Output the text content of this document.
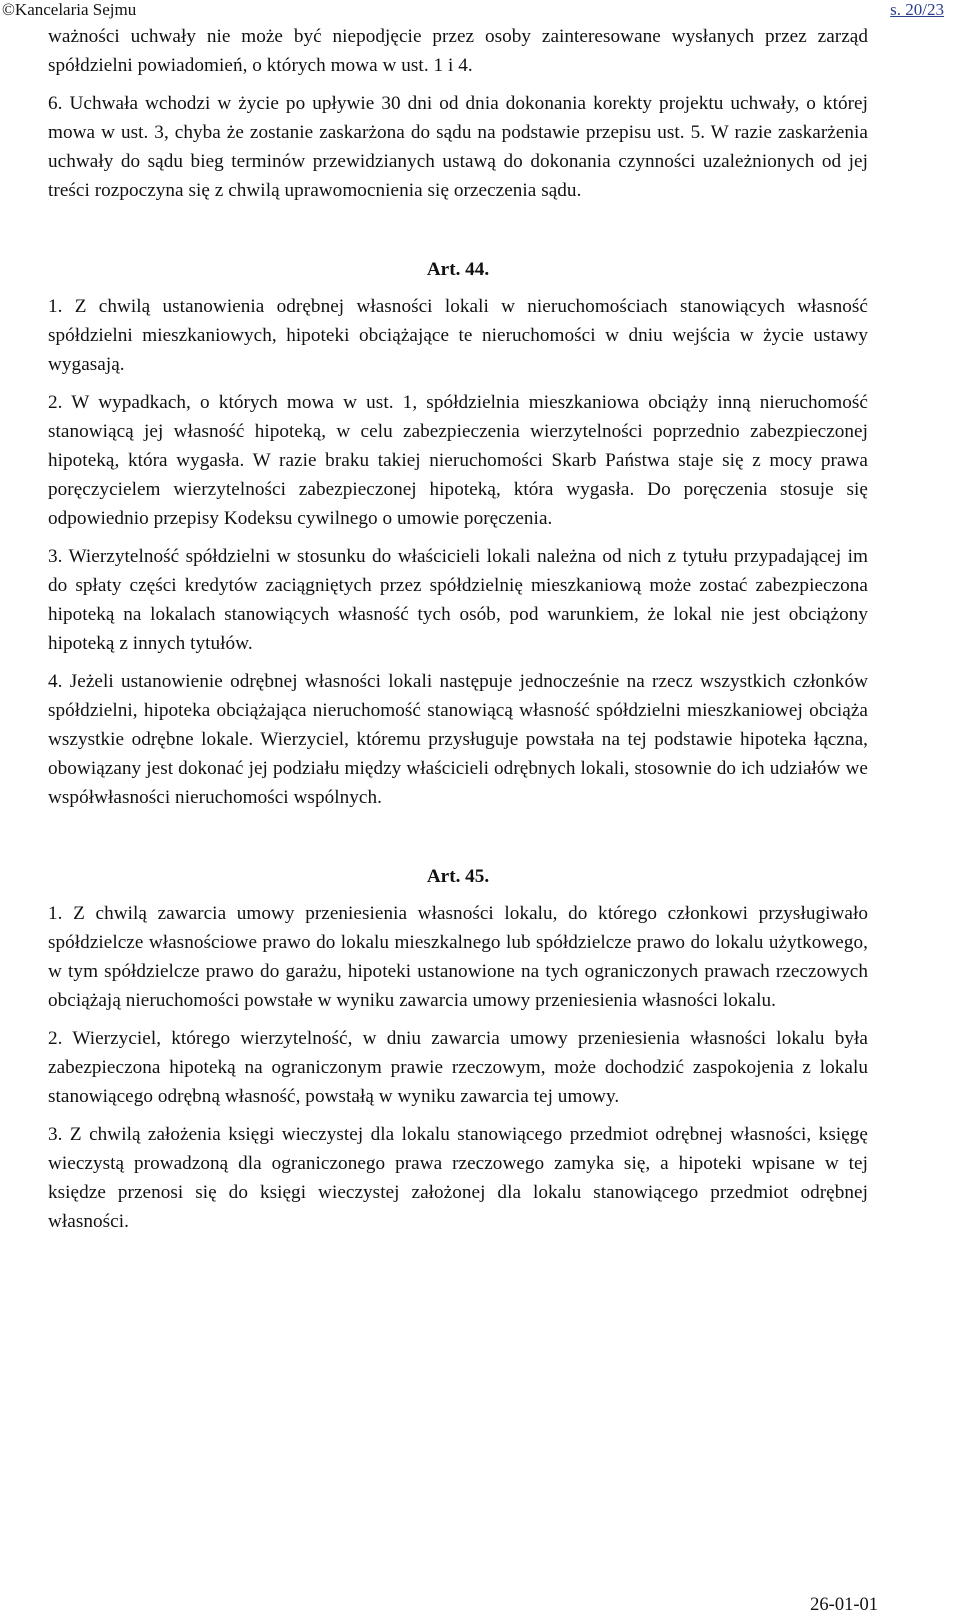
©Kancelaria Sejmu	s. 20/23

ważności uchwały nie może być niepodjęcie przez osoby zainteresowane wysłanych przez zarząd spółdzielni powiadomień, o których mowa w ust. 1 i 4.

6. Uchwała wchodzi w życie po upływie 30 dni od dnia dokonania korekty projektu uchwały, o której mowa w ust. 3, chyba że zostanie zaskarżona do sądu na podstawie przepisu ust. 5. W razie zaskarżenia uchwały do sądu bieg terminów przewidzianych ustawą do dokonania czynności uzależnionych od jej treści rozpoczyna się z chwilą uprawomocnienia się orzeczenia sądu.

Art. 44.

1. Z chwilą ustanowienia odrębnej własności lokali w nieruchomościach stanowiących własność spółdzielni mieszkaniowych, hipoteki obciążające te nieruchomości w dniu wejścia w życie ustawy wygasają.

2. W wypadkach, o których mowa w ust. 1, spółdzielnia mieszkaniowa obciąży inną nieruchomość stanowiącą jej własność hipoteką, w celu zabezpieczenia wierzytelności poprzednio zabezpieczonej hipoteką, która wygasła. W razie braku takiej nieruchomości Skarb Państwa staje się z mocy prawa poręczycielem wierzytelności zabezpieczonej hipoteką, która wygasła. Do poręczenia stosuje się odpowiednio przepisy Kodeksu cywilnego o umowie poręczenia.

3. Wierzytelność spółdzielni w stosunku do właścicieli lokali należna od nich z tytułu przypadającej im do spłaty części kredytów zaciągniętych przez spółdzielnię mieszkaniową może zostać zabezpieczona hipoteką na lokalach stanowiących własność tych osób, pod warunkiem, że lokal nie jest obciążony hipoteką z innych tytułów.

4. Jeżeli ustanowienie odrębnej własności lokali następuje jednocześnie na rzecz wszystkich członków spółdzielni, hipoteka obciążająca nieruchomość stanowiącą własność spółdzielni mieszkaniowej obciąża wszystkie odrębne lokale. Wierzyciel, któremu przysługuje powstała na tej podstawie hipoteka łączna, obowiązany jest dokonać jej podziału między właścicieli odrębnych lokali, stosownie do ich udziałów we współwłasności nieruchomości wspólnych.

Art. 45.

1. Z chwilą zawarcia umowy przeniesienia własności lokalu, do którego członkowi przysługiwało spółdzielcze własnościowe prawo do lokalu mieszkalnego lub spółdzielcze prawo do lokalu użytkowego, w tym spółdzielcze prawo do garażu, hipoteki ustanowione na tych ograniczonych prawach rzeczowych obciążają nieruchomości powstałe w wyniku zawarcia umowy przeniesienia własności lokalu.

2. Wierzyciel, którego wierzytelność, w dniu zawarcia umowy przeniesienia własności lokalu była zabezpieczona hipoteką na ograniczonym prawie rzeczowym, może dochodzić zaspokojenia z lokalu stanowiącego odrębną własność, powstałą w wyniku zawarcia tej umowy.

3. Z chwilą założenia księgi wieczystej dla lokalu stanowiącego przedmiot odrębnej własności, księgę wieczystą prowadzoną dla ograniczonego prawa rzeczowego zamyka się, a hipoteki wpisane w tej księdze przenosi się do księgi wieczystej założonej dla lokalu stanowiącego przedmiot odrębnej własności.

26-01-01
